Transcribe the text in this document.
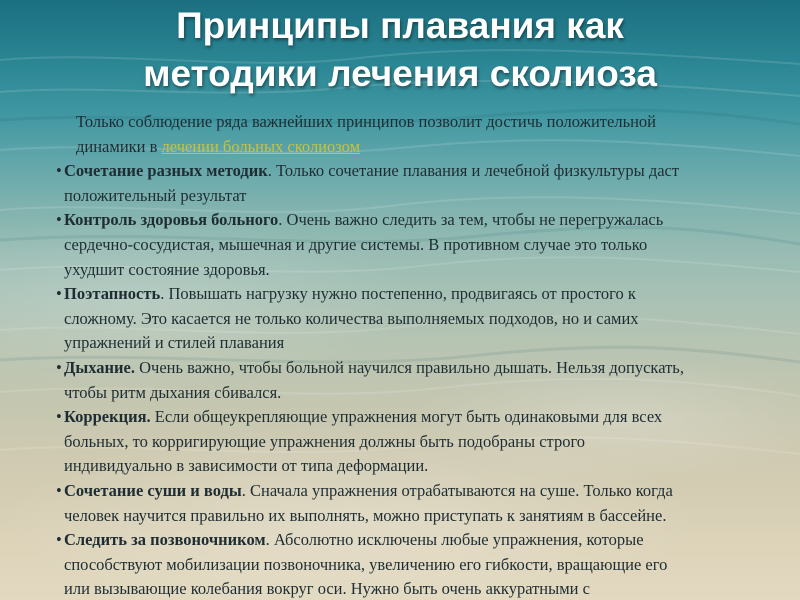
Принципы плавания как
методики лечения сколиоза
Только соблюдение ряда важнейших принципов позволит достичь положительной
динамики в лечении больных сколиозом
• Сочетание разных методик. Только сочетание плавания и лечебной физкультуры даст
положительный результат
• Контроль здоровья больного. Очень важно следить за тем, чтобы не перегружалась
сердечно-сосудистая, мышечная и другие системы. В противном случае это только
ухудшит состояние здоровья.
• Поэтапность. Повышать нагрузку нужно постепенно, продвигаясь от простого к
сложному. Это касается не только количества выполняемых подходов, но и самих
упражнений и стилей плавания
• Дыхание. Очень важно, чтобы больной научился правильно дышать. Нельзя допускать,
чтобы ритм дыхания сбивался.
• Коррекция. Если общеукрепляющие упражнения могут быть одинаковыми для всех
больных, то корригирующие упражнения должны быть подобраны строго
индивидуально в зависимости от типа деформации.
• Сочетание суши и воды. Сначала упражнения отрабатываются на суше. Только когда
человек научится правильно их выполнять, можно приступать к занятиям в бассейне.
• Следить за позвоночником. Абсолютно исключены любые упражнения, которые
способствуют мобилизации позвоночника, увеличению его гибкости, вращающие его
или вызывающие колебания вокруг оси. Нужно быть очень аккуратными с
